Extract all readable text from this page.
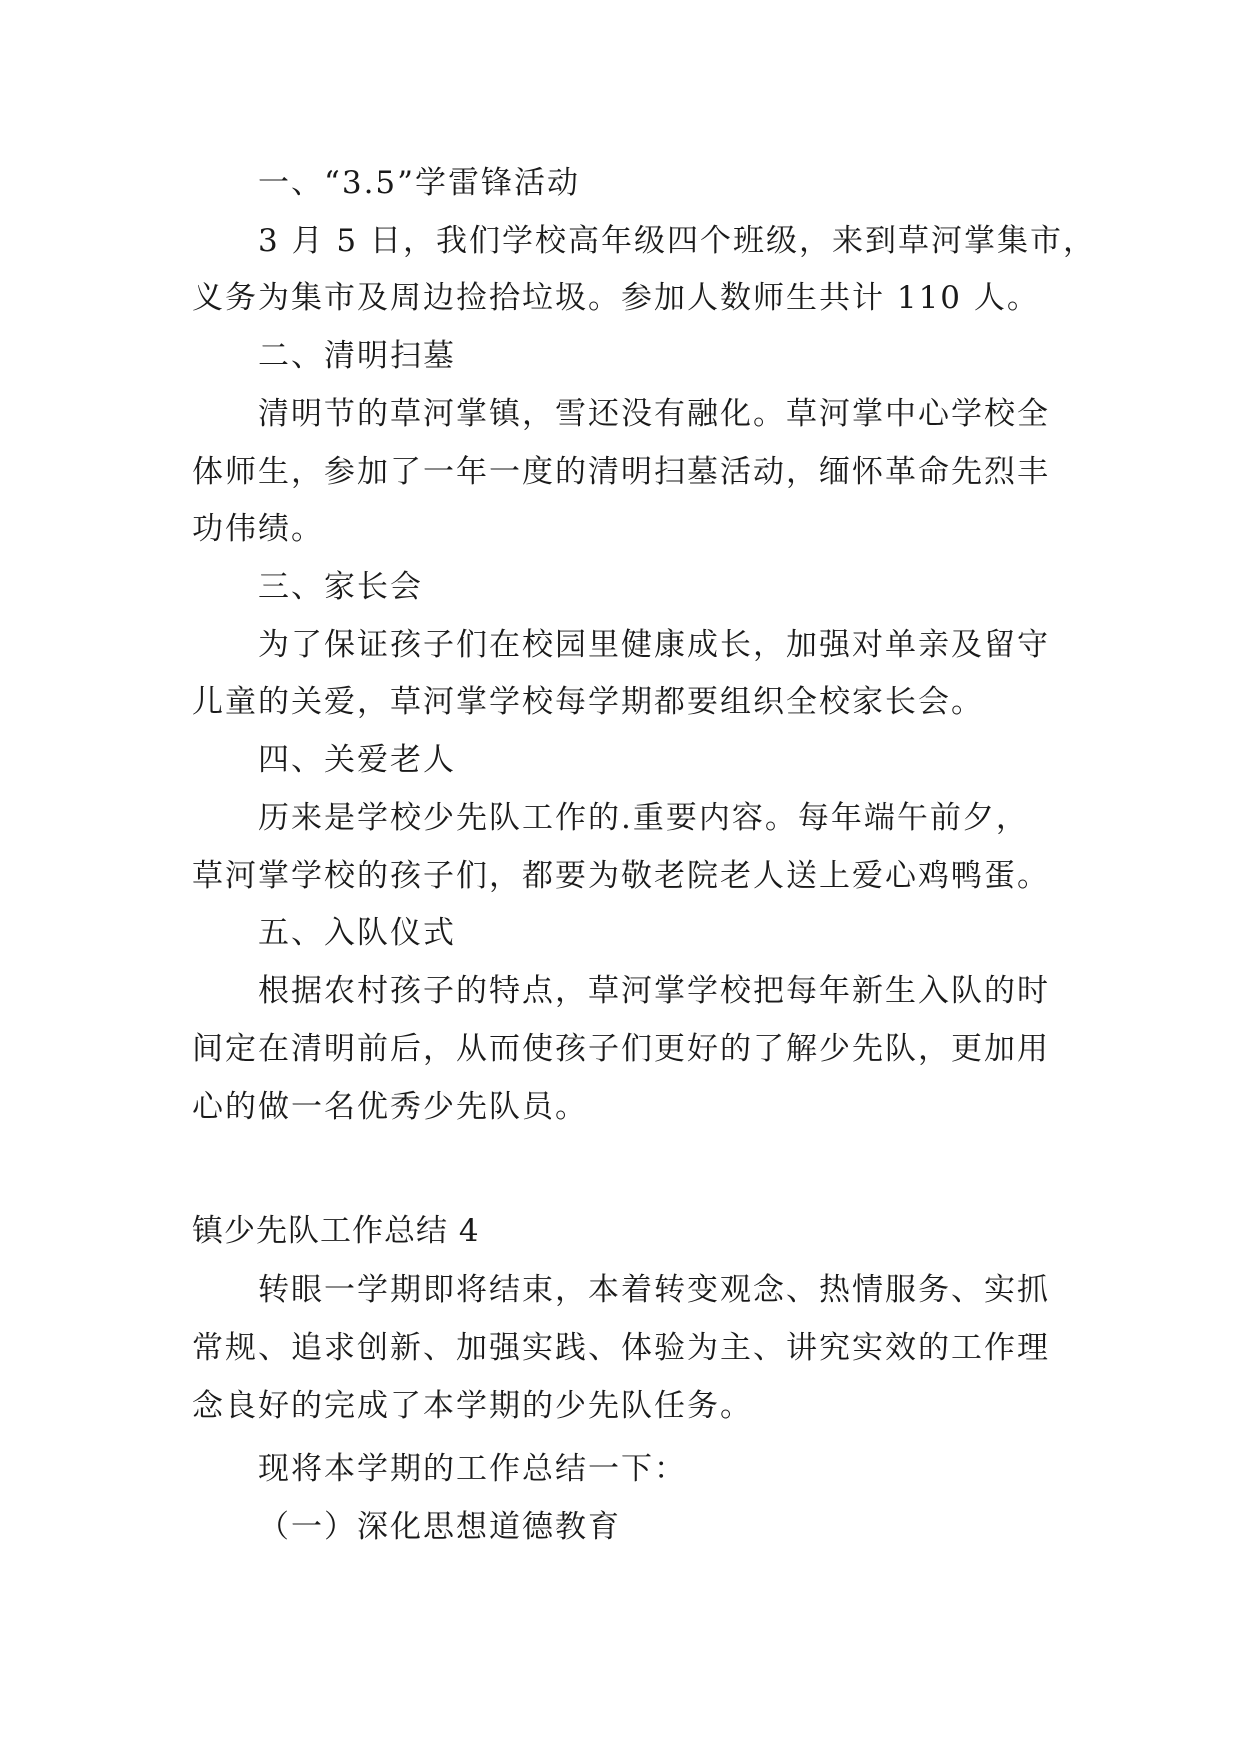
一、“3.5”学雷锋活动
3 月 5 日，我们学校高年级四个班级，来到草河掌集市，
义务为集市及周边捡拾垃圾。参加人数师生共计 110 人。
二、清明扫墓
清明节的草河掌镇，雪还没有融化。草河掌中心学校全
体师生，参加了一年一度的清明扫墓活动，缅怀革命先烈丰
功伟绩。
三、家长会
为了保证孩子们在校园里健康成长，加强对单亲及留守
儿童的关爱，草河掌学校每学期都要组织全校家长会。
四、关爱老人
历来是学校少先队工作的.重要内容。每年端午前夕，
草河掌学校的孩子们，都要为敬老院老人送上爱心鸡鸭蛋。
五、入队仪式
根据农村孩子的特点，草河掌学校把每年新生入队的时
间定在清明前后，从而使孩子们更好的了解少先队，更加用
心的做一名优秀少先队员。
镇少先队工作总结 4
转眼一学期即将结束，本着转变观念、热情服务、实抓
常规、追求创新、加强实践、体验为主、讲究实效的工作理
念良好的完成了本学期的少先队任务。
现将本学期的工作总结一下：
（一）深化思想道德教育
